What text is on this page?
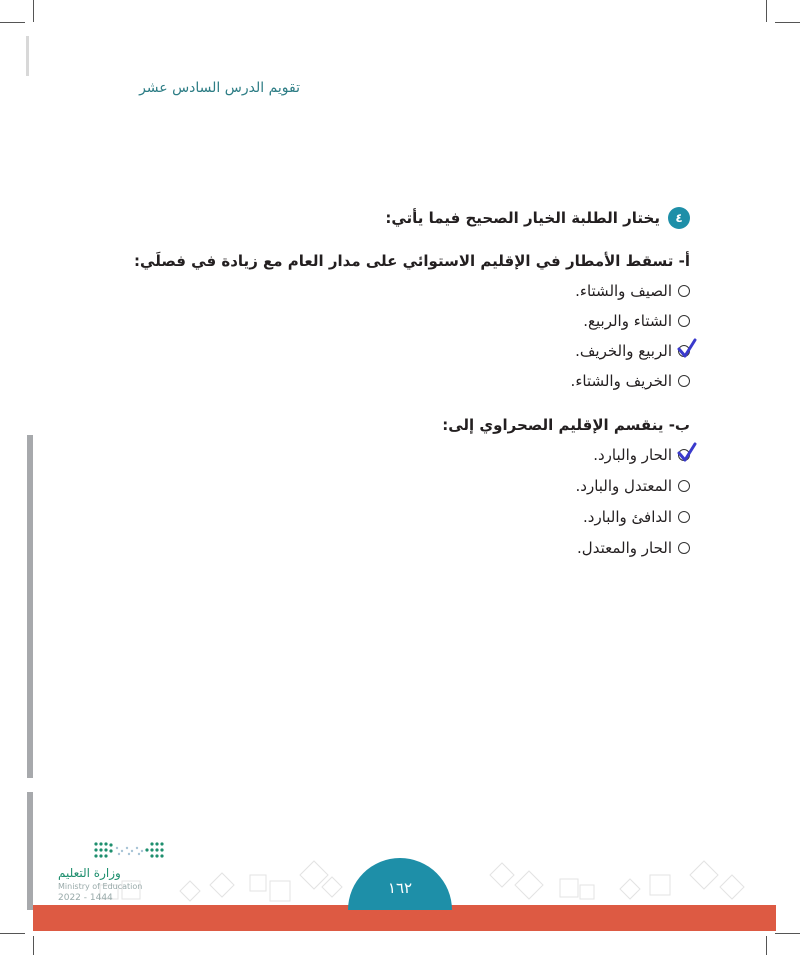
تقويم الدرس السادس عشر
٤
يختار الطلبة الخيار الصحيح فيما يأتي:
أ- تسقط الأمطار في الإقليم الاستوائي على مدار العام مع زيادة في فصلَي:
الصيف والشتاء.
الشتاء والربيع.
الربيع والخريف.
الخريف والشتاء.
ب- ينقسم الإقليم الصحراوي إلى:
الحار والبارد.
المعتدل والبارد.
الدافئ والبارد.
الحار والمعتدل.
١٦٢
وزارة التعليم
Ministry of Education
2022 - 1444
